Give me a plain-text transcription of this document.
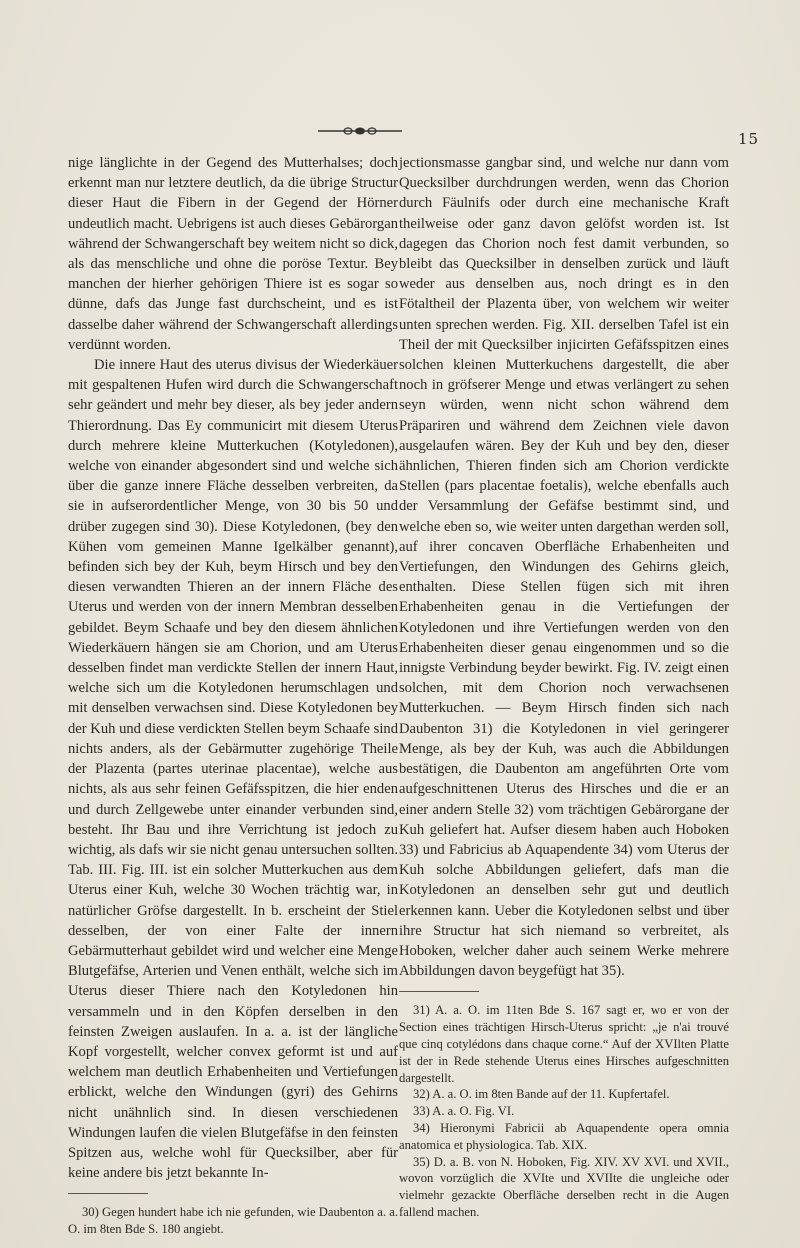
15

nige länglichte in der Gegend des Mutterhalses; doch erkennt man nur letztere deutlich, da die übrige Structur dieser Haut die Fibern in der Gegend der Hörner undeutlich macht. Uebrigens ist auch dieses Gebärorgan während der Schwangerschaft bey weitem nicht so dick, als das menschliche und ohne die poröse Textur. Bey manchen der hierher gehörigen Thiere ist es sogar so dünne, dafs das Junge fast durchscheint, und es ist dasselbe daher während der Schwangerschaft allerdings verdünnt worden.

Die innere Haut des uterus divisus der Wiederkäuer mit gespaltenen Hufen wird durch die Schwangerschaft sehr geändert und mehr bey dieser, als bey jeder andern Thierordnung. Das Ey communicirt mit diesem Uterus durch mehrere kleine Mutterkuchen (Kotyledonen), welche von einander abgesondert sind und welche sich über die ganze innere Fläche desselben verbreiten, da sie in aufserordentlicher Menge, von 30 bis 50 und drüber zugegen sind 30). Diese Kotyledonen, (bey den Kühen vom gemeinen Manne Igelkälber genannt), befinden sich bey der Kuh, beym Hirsch und bey den diesen verwandten Thieren an der innern Fläche des Uterus und werden von der innern Membran desselben gebildet. Beym Schaafe und bey den diesem ähnlichen Wiederkäuern hängen sie am Chorion, und am Uterus desselben findet man verdickte Stellen der innern Haut, welche sich um die Kotyledonen herumschlagen und mit denselben verwachsen sind. Diese Kotyledonen bey der Kuh und diese verdickten Stellen beym Schaafe sind nichts anders, als der Gebärmutter zugehörige Theile der Plazenta (partes uterinae placentae), welche aus nichts, als aus sehr feinen Gefäfsspitzen, die hier enden und durch Zellgewebe unter einander verbunden sind, besteht. Ihr Bau und ihre Verrichtung ist jedoch zu wichtig, als dafs wir sie nicht genau untersuchen sollten. Tab. III. Fig. III. ist ein solcher Mutterkuchen aus dem Uterus einer Kuh, welche 30 Wochen trächtig war, in natürlicher Gröfse dargestellt. In b. erscheint der Stiel desselben, der von einer Falte der innern Gebärmutterhaut gebildet wird und welcher eine Menge Blutgefäfse, Arterien und Venen enthält, welche sich im Uterus dieser Thiere nach den Kotyledonen hin versammeln und in den Köpfen derselben in den feinsten Zweigen auslaufen. In a. a. ist der längliche Kopf vorgestellt, welcher convex geformt ist und auf welchem man deutlich Erhabenheiten und Vertiefungen erblickt, welche den Windungen (gyri) des Gehirns nicht unähnlich sind. In diesen verschiedenen Windungen laufen die vielen Blutgefäfse in den feinsten Spitzen aus, welche wohl für Quecksilber, aber für keine andere bis jetzt bekannte In-

30) Gegen hundert habe ich nie gefunden, wie Daubenton a. a. O. im 8ten Bde S. 180 angiebt.

jectionsmasse gangbar sind, und welche nur dann vom Quecksilber durchdrungen werden, wenn das Chorion durch Fäulnifs oder durch eine mechanische Kraft theilweise oder ganz davon gelöfst worden ist. Ist dagegen das Chorion noch fest damit verbunden, so bleibt das Quecksilber in denselben zurück und läuft weder aus denselben aus, noch dringt es in den Fötaltheil der Plazenta über, von welchem wir weiter unten sprechen werden. Fig. XII. derselben Tafel ist ein Theil der mit Quecksilber injicirten Gefäfsspitzen eines solchen kleinen Mutterkuchens dargestellt, die aber noch in gröfserer Menge und etwas verlängert zu sehen seyn würden, wenn nicht schon während dem Präpariren und während dem Zeichnen viele davon ausgelaufen wären. Bey der Kuh und bey den, dieser ähnlichen, Thieren finden sich am Chorion verdickte Stellen (pars placentae foetalis), welche ebenfalls auch der Versammlung der Gefäfse bestimmt sind, und welche eben so, wie weiter unten dargethan werden soll, auf ihrer concaven Oberfläche Erhabenheiten und Vertiefungen, den Windungen des Gehirns gleich, enthalten. Diese Stellen fügen sich mit ihren Erhabenheiten genau in die Vertiefungen der Kotyledonen und ihre Vertiefungen werden von den Erhabenheiten dieser genau eingenommen und so die innigste Verbindung beyder bewirkt. Fig. IV. zeigt einen solchen, mit dem Chorion noch verwachsenen Mutterkuchen. — Beym Hirsch finden sich nach Daubenton 31) die Kotyledonen in viel geringerer Menge, als bey der Kuh, was auch die Abbildungen bestätigen, die Daubenton am angeführten Orte vom aufgeschnittenen Uterus des Hirsches und die er an einer andern Stelle 32) vom trächtigen Gebärorgane der Kuh geliefert hat. Aufser diesem haben auch Hoboken 33) und Fabricius ab Aquapendente 34) vom Uterus der Kuh solche Abbildungen geliefert, dafs man die Kotyledonen an denselben sehr gut und deutlich erkennen kann. Ueber die Kotyledonen selbst und über ihre Structur hat sich niemand so verbreitet, als Hoboken, welcher daher auch seinem Werke mehrere Abbildungen davon beygefügt hat 35).

31) A. a. O. im 11ten Bde S. 167 sagt er, wo er von der Section eines trächtigen Hirsch-Uterus spricht: „je n'ai trouvé que cinq cotylédons dans chaque corne.“ Auf der XVIlten Platte ist der in Rede stehende Uterus eines Hirsches aufgeschnitten dargestellt.

32) A. a. O. im 8ten Bande auf der 11. Kupfertafel.

33) A. a. O. Fig. VI.

34) Hieronymi Fabricii ab Aquapendente opera omnia anatomica et physiologica. Tab. XIX.

35) D. a. B. von N. Hoboken, Fig. XIV. XV XVI. und XVII., wovon vorzüglich die XVIte und XVIIte die ungleiche oder vielmehr gezackte Oberfläche derselben recht in die Augen fallend machen.
